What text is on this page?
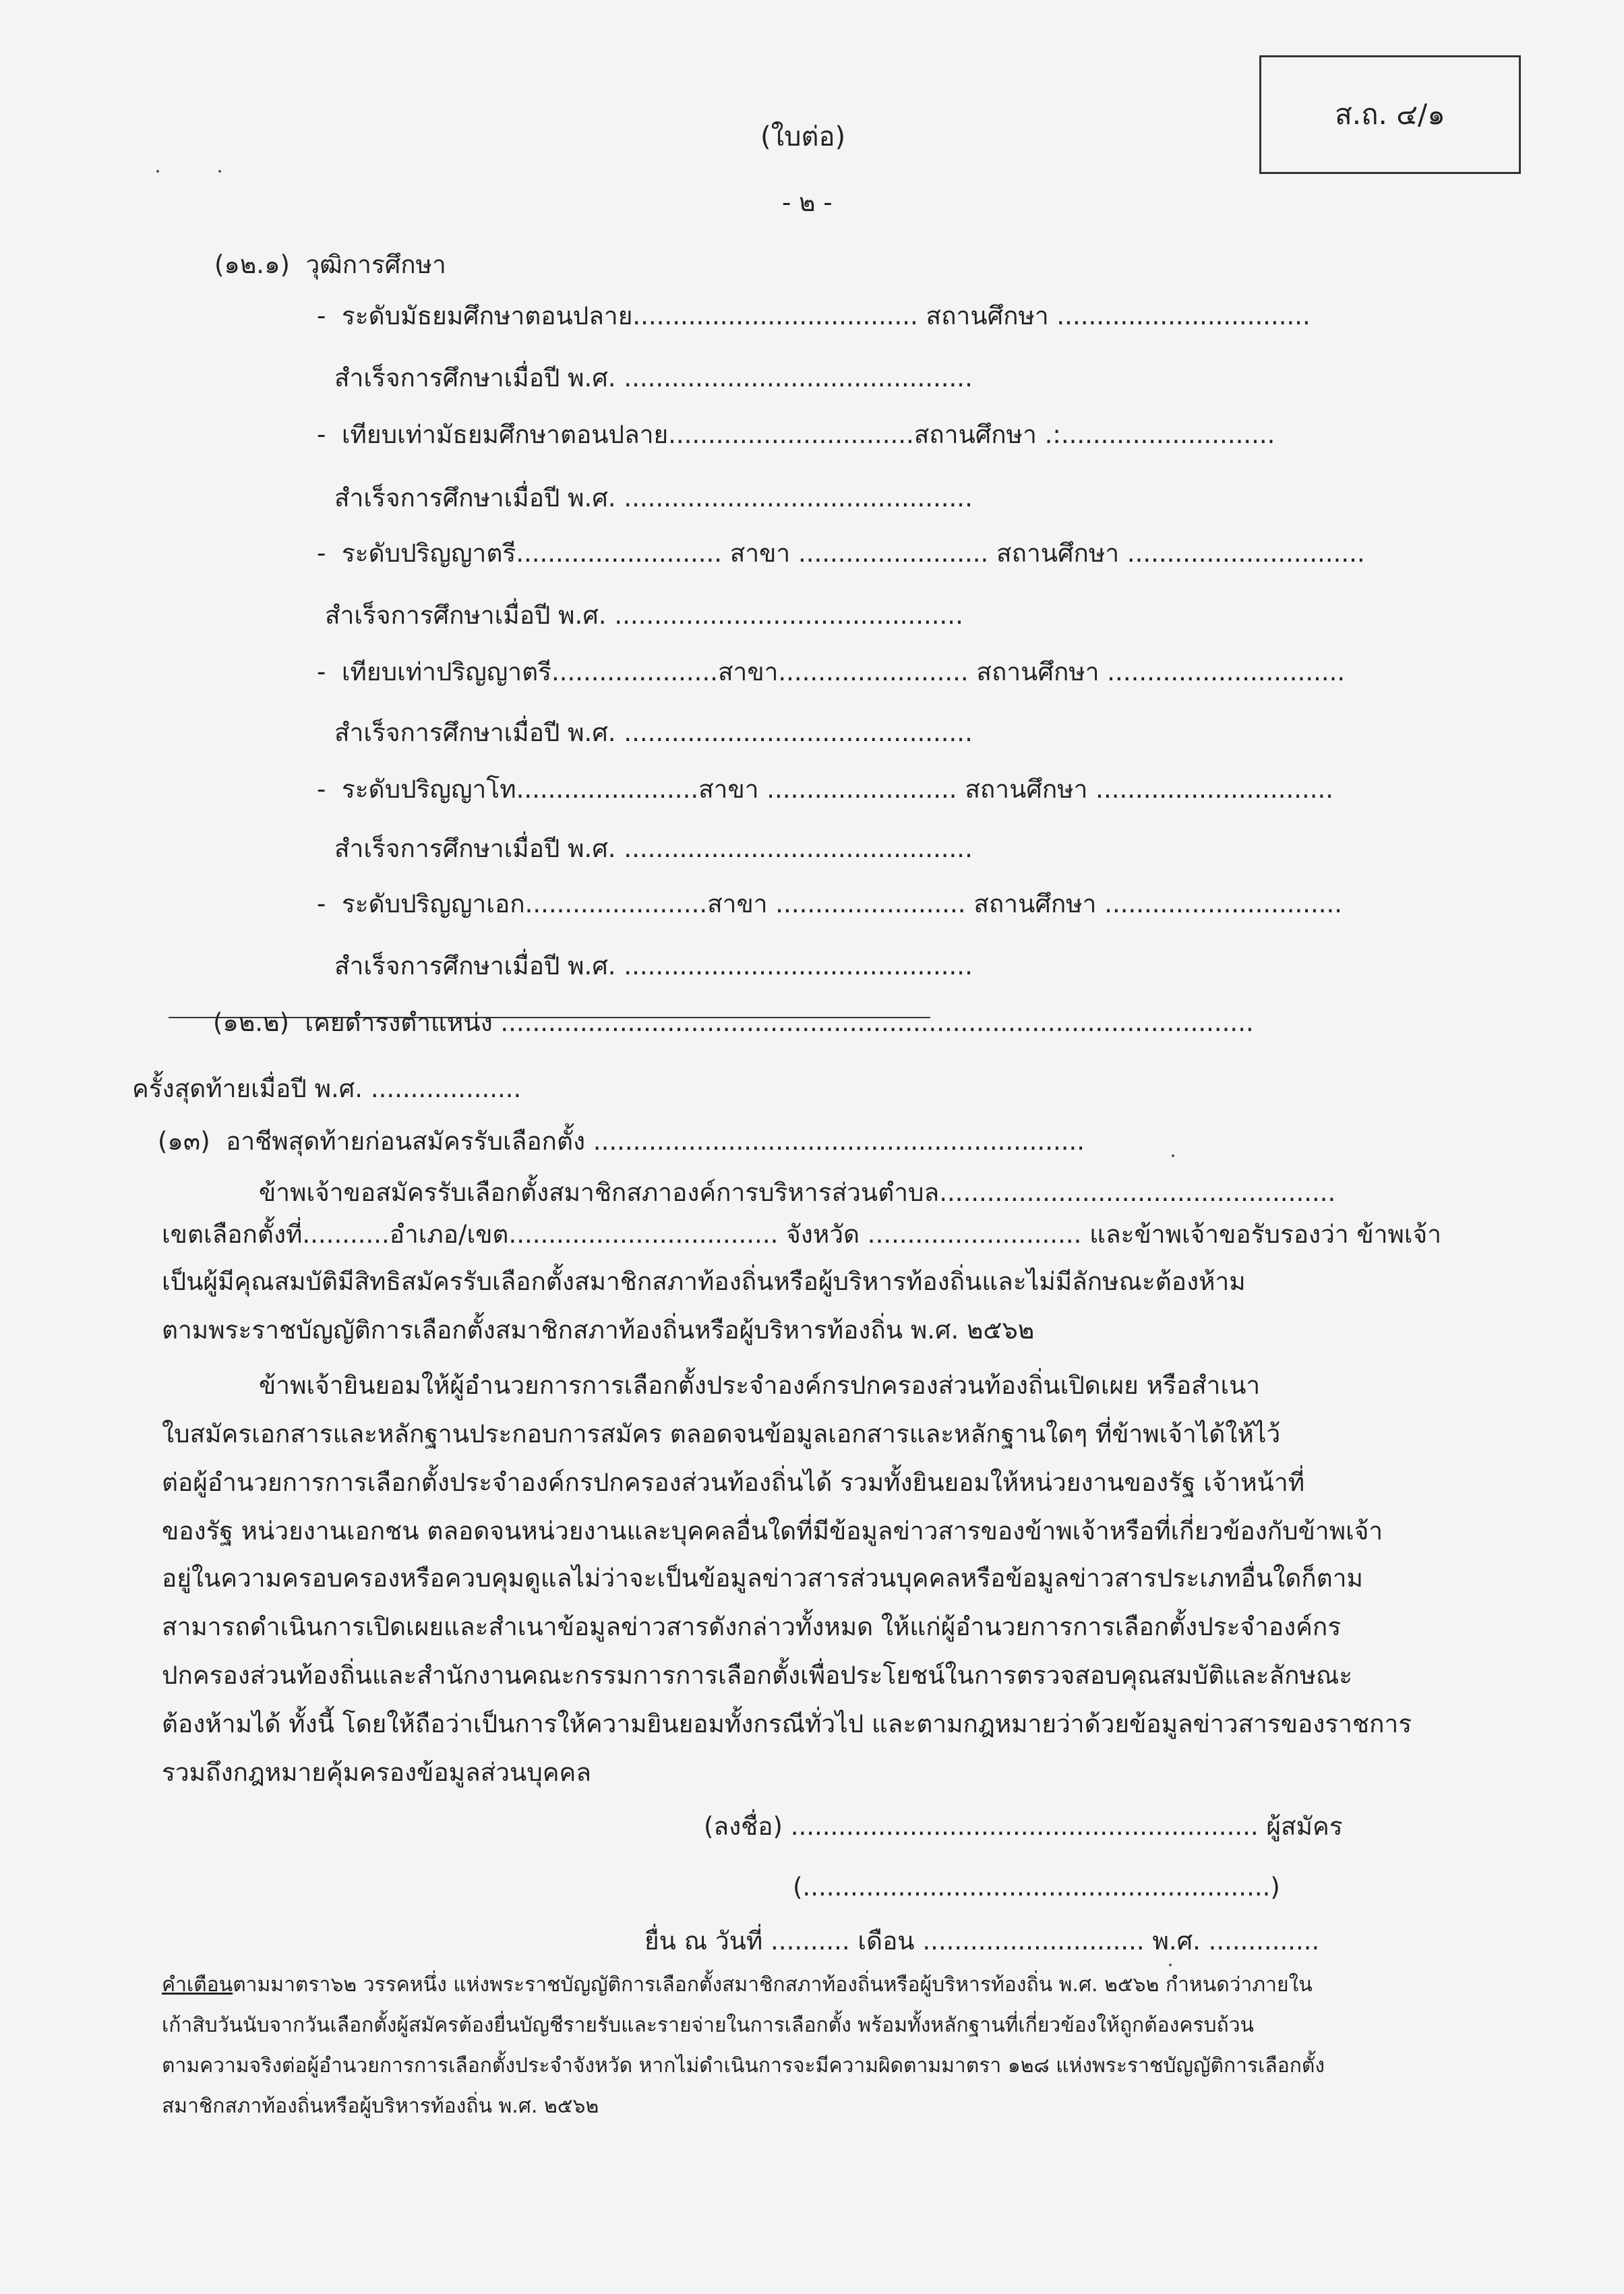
ส.ถ. ๔/๑
(ใบต่อ)
- ๒ -
(๑๒.๑)  วุฒิการศึกษา
-  ระดับมัธยมศึกษาตอนปลาย.................................... สถานศึกษา ................................
สำเร็จการศึกษาเมื่อปี พ.ศ. ............................................
-  เทียบเท่ามัธยมศึกษาตอนปลาย...............................สถานศึกษา .:...........................
สำเร็จการศึกษาเมื่อปี พ.ศ. ............................................
-  ระดับปริญญาตรี.......................... สาขา ........................ สถานศึกษา ..............................
สำเร็จการศึกษาเมื่อปี พ.ศ. ............................................
-  เทียบเท่าปริญญาตรี.....................สาขา........................ สถานศึกษา ..............................
สำเร็จการศึกษาเมื่อปี พ.ศ. ............................................
-  ระดับปริญญาโท.......................สาขา ........................ สถานศึกษา ..............................
สำเร็จการศึกษาเมื่อปี พ.ศ. ............................................
-  ระดับปริญญาเอก.......................สาขา ........................ สถานศึกษา ..............................
สำเร็จการศึกษาเมื่อปี พ.ศ. ............................................
(๑๒.๒)  เคยดำรงตำแหน่ง ...............................................................................................
ครั้งสุดท้ายเมื่อปี พ.ศ. ...................
(๑๓)  อาชีพสุดท้ายก่อนสมัครรับเลือกตั้ง ..............................................................
ข้าพเจ้าขอสมัครรับเลือกตั้งสมาชิกสภาองค์การบริหารส่วนตำบล..................................................
เขตเลือกตั้งที่...........อำเภอ/เขต.................................. จังหวัด ........................... และข้าพเจ้าขอรับรองว่า ข้าพเจ้า
เป็นผู้มีคุณสมบัติมีสิทธิสมัครรับเลือกตั้งสมาชิกสภาท้องถิ่นหรือผู้บริหารท้องถิ่นและไม่มีลักษณะต้องห้าม
ตามพระราชบัญญัติการเลือกตั้งสมาชิกสภาท้องถิ่นหรือผู้บริหารท้องถิ่น พ.ศ. ๒๕๖๒
ข้าพเจ้ายินยอมให้ผู้อำนวยการการเลือกตั้งประจำองค์กรปกครองส่วนท้องถิ่นเปิดเผย หรือสำเนา
ใบสมัครเอกสารและหลักฐานประกอบการสมัคร ตลอดจนข้อมูลเอกสารและหลักฐานใดๆ ที่ข้าพเจ้าได้ให้ไว้
ต่อผู้อำนวยการการเลือกตั้งประจำองค์กรปกครองส่วนท้องถิ่นได้ รวมทั้งยินยอมให้หน่วยงานของรัฐ เจ้าหน้าที่
ของรัฐ หน่วยงานเอกชน ตลอดจนหน่วยงานและบุคคลอื่นใดที่มีข้อมูลข่าวสารของข้าพเจ้าหรือที่เกี่ยวข้องกับข้าพเจ้า
อยู่ในความครอบครองหรือควบคุมดูแลไม่ว่าจะเป็นข้อมูลข่าวสารส่วนบุคคลหรือข้อมูลข่าวสารประเภทอื่นใดก็ตาม
สามารถดำเนินการเปิดเผยและสำเนาข้อมูลข่าวสารดังกล่าวทั้งหมด ให้แก่ผู้อำนวยการการเลือกตั้งประจำองค์กร
ปกครองส่วนท้องถิ่นและสำนักงานคณะกรรมการการเลือกตั้งเพื่อประโยชน์ในการตรวจสอบคุณสมบัติและลักษณะ
ต้องห้ามได้ ทั้งนี้ โดยให้ถือว่าเป็นการให้ความยินยอมทั้งกรณีทั่วไป และตามกฎหมายว่าด้วยข้อมูลข่าวสารของราชการ
รวมถึงกฎหมายคุ้มครองข้อมูลส่วนบุคคล
(ลงชื่อ) ........................................................... ผู้สมัคร
(...........................................................)
ยื่น ณ วันที่ .......... เดือน ............................ พ.ศ. ..............
คำเตือนตามมาตรา๖๒ วรรคหนึ่ง แห่งพระราชบัญญัติการเลือกตั้งสมาชิกสภาท้องถิ่นหรือผู้บริหารท้องถิ่น พ.ศ. ๒๕๖๒ กำหนดว่าภายใน
เก้าสิบวันนับจากวันเลือกตั้งผู้สมัครต้องยื่นบัญชีรายรับและรายจ่ายในการเลือกตั้ง พร้อมทั้งหลักฐานที่เกี่ยวข้องให้ถูกต้องครบถ้วน
ตามความจริงต่อผู้อำนวยการการเลือกตั้งประจำจังหวัด หากไม่ดำเนินการจะมีความผิดตามมาตรา ๑๒๘ แห่งพระราชบัญญัติการเลือกตั้ง
สมาชิกสภาท้องถิ่นหรือผู้บริหารท้องถิ่น พ.ศ. ๒๕๖๒
